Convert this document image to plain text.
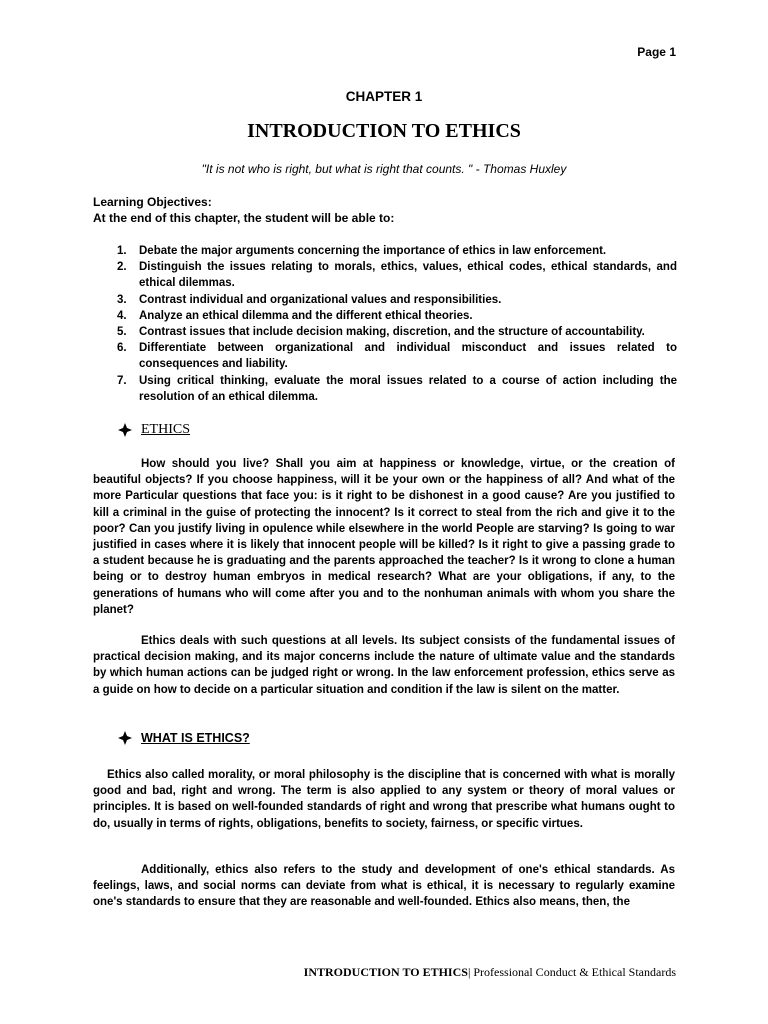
Page 1
CHAPTER 1
INTRODUCTION TO ETHICS
"It is not who is right, but what is right that counts. " - Thomas Huxley
Learning Objectives:
At the end of this chapter, the student will be able to:
1. Debate the major arguments concerning the importance of ethics in law enforcement.
2. Distinguish the issues relating to morals, ethics, values, ethical codes, ethical standards, and ethical dilemmas.
3. Contrast individual and organizational values and responsibilities.
4. Analyze an ethical dilemma and the different ethical theories.
5. Contrast issues that include decision making, discretion, and the structure of accountability.
6. Differentiate between organizational and individual misconduct and issues related to consequences and liability.
7. Using critical thinking, evaluate the moral issues related to a course of action including the resolution of an ethical dilemma.
ETHICS

How should you live? Shall you aim at happiness or knowledge, virtue, or the creation of beautiful objects? If you choose happiness, will it be your own or the happiness of all? And what of the more Particular questions that face you: is it right to be dishonest in a good cause? Are you justified to kill a criminal in the guise of protecting the innocent? Is it correct to steal from the rich and give it to the poor? Can you justify living in opulence while elsewhere in the world People are starving? Is going to war justified in cases where it is likely that innocent people will be killed? Is it right to give a passing grade to a student because he is graduating and the parents approached the teacher? Is it wrong to clone a human being or to destroy human embryos in medical research? What are your obligations, if any, to the generations of humans who will come after you and to the nonhuman animals with whom you share the planet?

Ethics deals with such questions at all levels. Its subject consists of the fundamental issues of practical decision making, and its major concerns include the nature of ultimate value and the standards by which human actions can be judged right or wrong. In the law enforcement profession, ethics serve as a guide on how to decide on a particular situation and condition if the law is silent on the matter.

WHAT IS ETHICS?

Ethics also called morality, or moral philosophy is the discipline that is concerned with what is morally good and bad, right and wrong. The term is also applied to any system or theory of moral values or principles. It is based on well-founded standards of right and wrong that prescribe what humans ought to do, usually in terms of rights, obligations, benefits to society, fairness, or specific virtues.

Additionally, ethics also refers to the study and development of one's ethical standards. As feelings, laws, and social norms can deviate from what is ethical, it is necessary to regularly examine one's standards to ensure that they are reasonable and well-founded. Ethics also means, then, the

INTRODUCTION TO ETHICS| Professional Conduct & Ethical Standards
